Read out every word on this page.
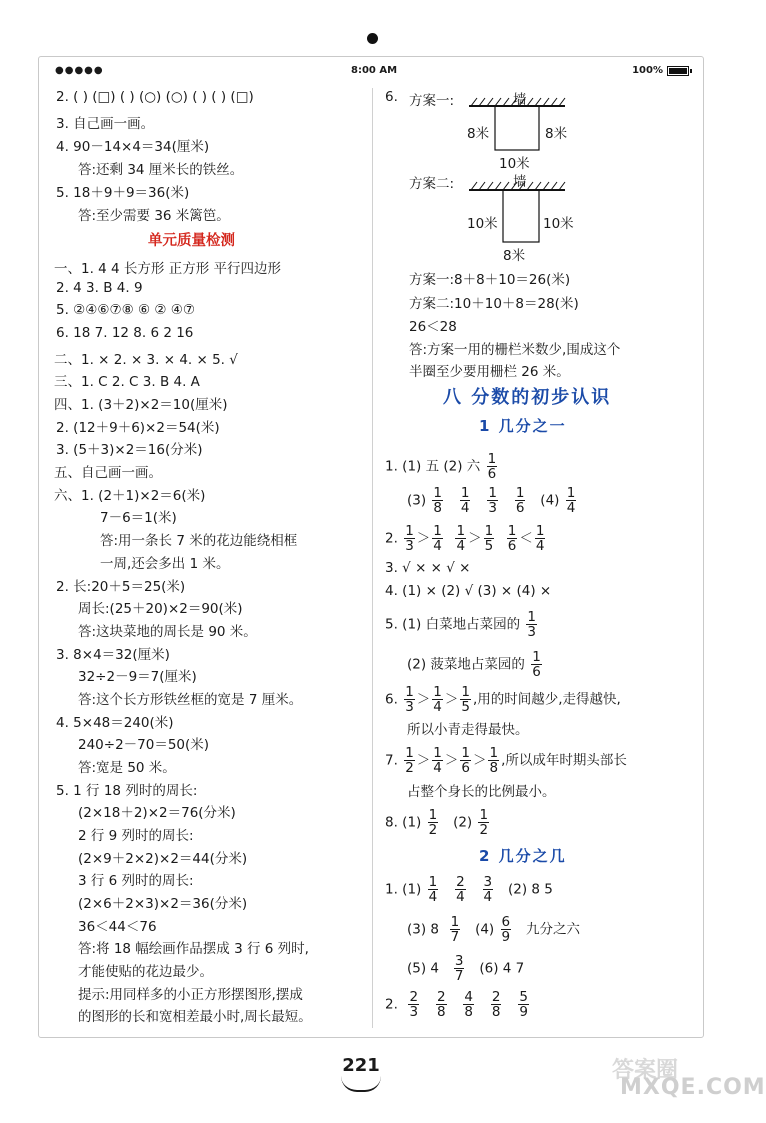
●●●●●	8:00 AM	100%
2. ( ) (□) ( ) (○) (○) ( ) ( ) (□)
3. 自己画一画。
4. 90－14×4＝34(厘米)
答:还剩 34 厘米长的铁丝。
5. 18＋9＋9＝36(米)
答:至少需要 36 米篱笆。
单元质量检测
一、1. 4 4 长方形 正方形 平行四边形
2. 4 3. B 4. 9
5. ②④⑥⑦⑧ ⑥ ② ④⑦
6. 18 7. 12 8. 6 2 16
二、1. × 2. × 3. × 4. × 5. √
三、1. C 2. C 3. B 4. A
四、1. (3＋2)×2＝10(厘米)
2. (12＋9＋6)×2＝54(米)
3. (5＋3)×2＝16(分米)
五、自己画一画。
六、1. (2＋1)×2＝6(米)
7－6＝1(米)
答:用一条长 7 米的花边能绕相框
一周,还会多出 1 米。
2. 长:20＋5＝25(米)
周长:(25＋20)×2＝90(米)
答:这块菜地的周长是 90 米。
3. 8×4＝32(厘米)
32÷2－9＝7(厘米)
答:这个长方形铁丝框的宽是 7 厘米。
4. 5×48＝240(米)
240÷2－70＝50(米)
答:宽是 50 米。
5. 1 行 18 列时的周长:
(2×18＋2)×2＝76(分米)
2 行 9 列时的周长:
(2×9＋2×2)×2＝44(分米)
3 行 6 列时的周长:
(2×6＋2×3)×2＝36(分米)
36＜44＜76
答:将 18 幅绘画作品摆成 3 行 6 列时,
才能使贴的花边最少。
提示:用同样多的小正方形摆图形,摆成
的图形的长和宽相差最小时,周长最短。
6. 方案一:	墙
8米	8米
10米
方案二:	墙
10米	10米
8米
方案一:8＋8＋10＝26(米)
方案二:10＋10＋8＝28(米)
26＜28
答:方案一用的栅栏米数少,围成这个
半圈至少要用栅栏 26 米。
八 分数的初步认识
1 几分之一
1. (1) 五 (2) 六 $\frac{1}{6}$
$(3) \frac{1}{8}$
$\frac{1}{4}$
$\frac{1}{3}$
$\frac{1}{6} (4) \frac{1}{4}$
2. $\frac{1}{3} > \frac{1}{4}$
$\frac{1}{4} > \frac{1}{5}$
$\frac{1}{6} < \frac{1}{4}$
3. √ × × √ ×
4. (1) × (2) √ (3) × (4) ×
5. (1) 白菜地占菜园的 $\frac{1}{3}$
(2) 菠菜地占菜园的 $\frac{1}{6}$
6. $\frac{1}{3} > \frac{1}{4} > \frac{1}{5}$ ,用的时间越少,走得越快,
所以小青走得最快。
7. $\frac{1}{2} > \frac{1}{4} > \frac{1}{6} > \frac{1}{8}$ ,所以成年时期头部长
占整个身长的比例最小。
8. $(1) \frac{1}{2} (2) \frac{1}{2}$
2 几分之几
1. $(1) \frac{1}{4}$
$\frac{2}{4}$
$\frac{3}{4} (2)$ 8 5
(3) $8 \frac{1}{7} (4) \frac{6}{9}$ 九分之六
(5) $4 \frac{3}{7} (6)$ 4 7
2. $\frac{2}{3}$
$\frac{2}{8}$
$\frac{4}{8}$
$\frac{2}{8}$
$\frac{5}{9}$
221	答案圈
MXQE.COM
